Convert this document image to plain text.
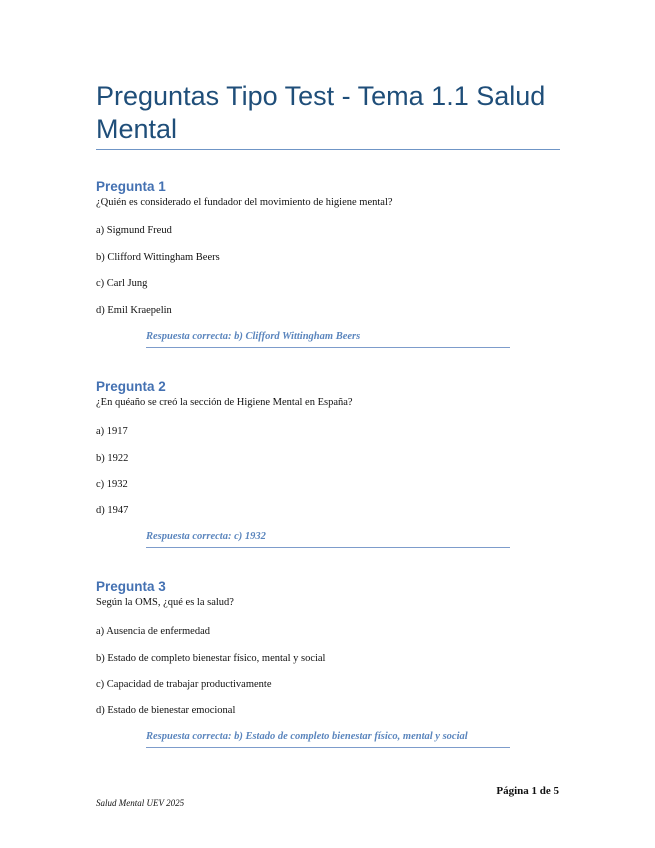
Preguntas Tipo Test - Tema 1.1 Salud Mental

Pregunta 1

¿Quién es considerado el fundador del movimiento de higiene mental?

a) Sigmund Freud

b) Clifford Wittingham Beers

c) Carl Jung

d) Emil Kraepelin

Respuesta correcta: b) Clifford Wittingham Beers

Pregunta 2

¿En quéaño se creó la sección de Higiene Mental en España?

a) 1917

b) 1922

c) 1932

d) 1947

Respuesta correcta: c) 1932

Pregunta 3

Según la OMS, ¿qué es la salud?

a) Ausencia de enfermedad

b) Estado de completo bienestar físico, mental y social

c) Capacidad de trabajar productivamente

d) Estado de bienestar emocional

Respuesta correcta: b) Estado de completo bienestar físico, mental y social
Página 1 de 5
Salud Mental UEV 2025
